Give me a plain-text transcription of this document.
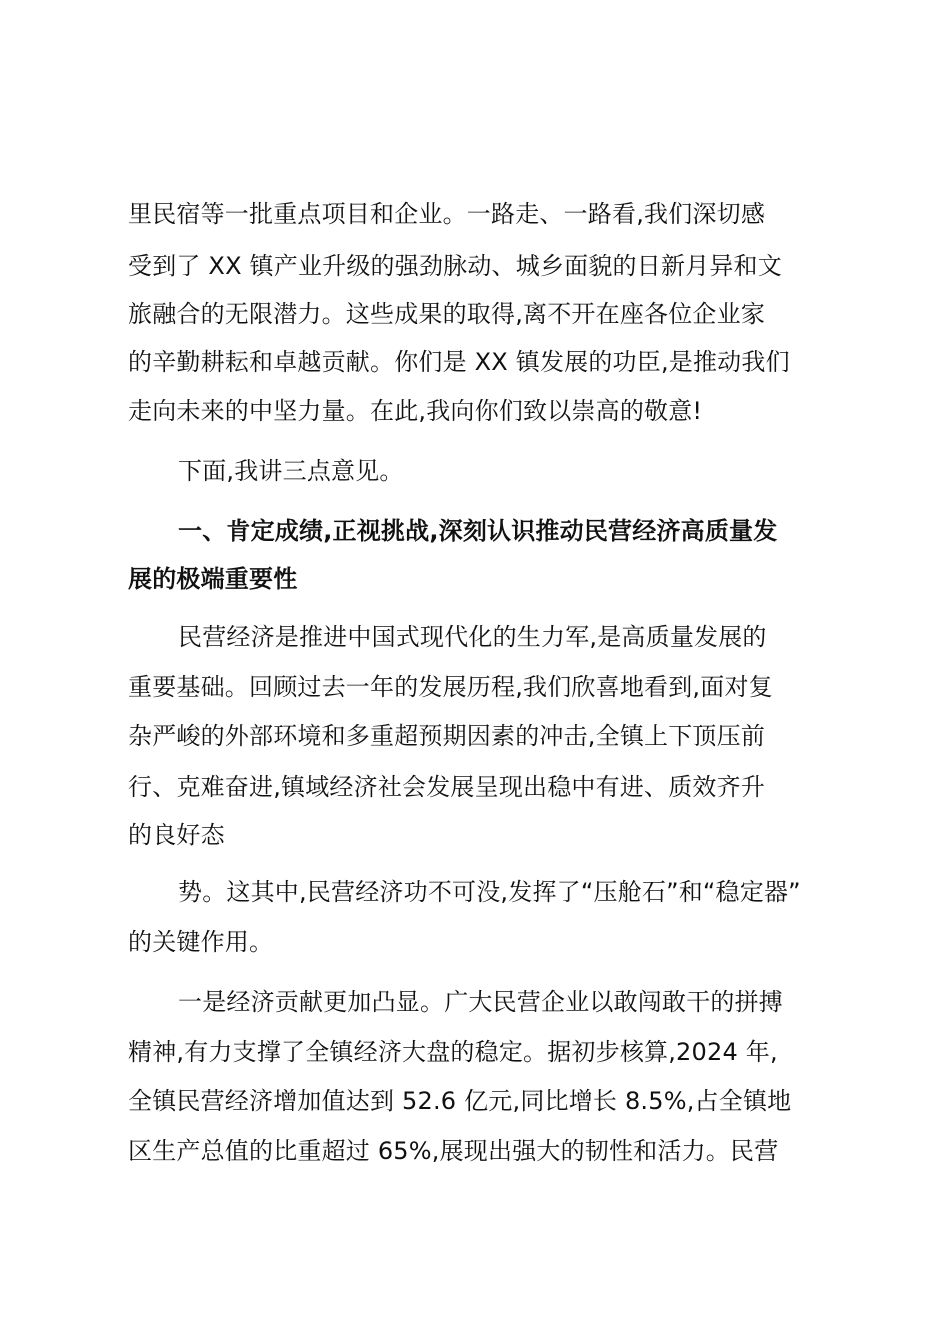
里民宿等一批重点项目和企业。一路走、一路看,我们深切感
受到了 XX 镇产业升级的强劲脉动、城乡面貌的日新月异和文
旅融合的无限潜力。这些成果的取得,离不开在座各位企业家
的辛勤耕耘和卓越贡献。你们是 XX 镇发展的功臣,是推动我们
走向未来的中坚力量。在此,我向你们致以崇高的敬意!
下面,我讲三点意见。
一、肯定成绩,正视挑战,深刻认识推动民营经济高质量发
展的极端重要性
民营经济是推进中国式现代化的生力军,是高质量发展的
重要基础。回顾过去一年的发展历程,我们欣喜地看到,面对复
杂严峻的外部环境和多重超预期因素的冲击,全镇上下顶压前
行、克难奋进,镇域经济社会发展呈现出稳中有进、质效齐升
的良好态
势。这其中,民营经济功不可没,发挥了“压舱石”和“稳定器”
的关键作用。
一是经济贡献更加凸显。广大民营企业以敢闯敢干的拼搏
精神,有力支撑了全镇经济大盘的稳定。据初步核算,2024 年,
全镇民营经济增加值达到 52.6 亿元,同比增长 8.5%,占全镇地
区生产总值的比重超过 65%,展现出强大的韧性和活力。民营
